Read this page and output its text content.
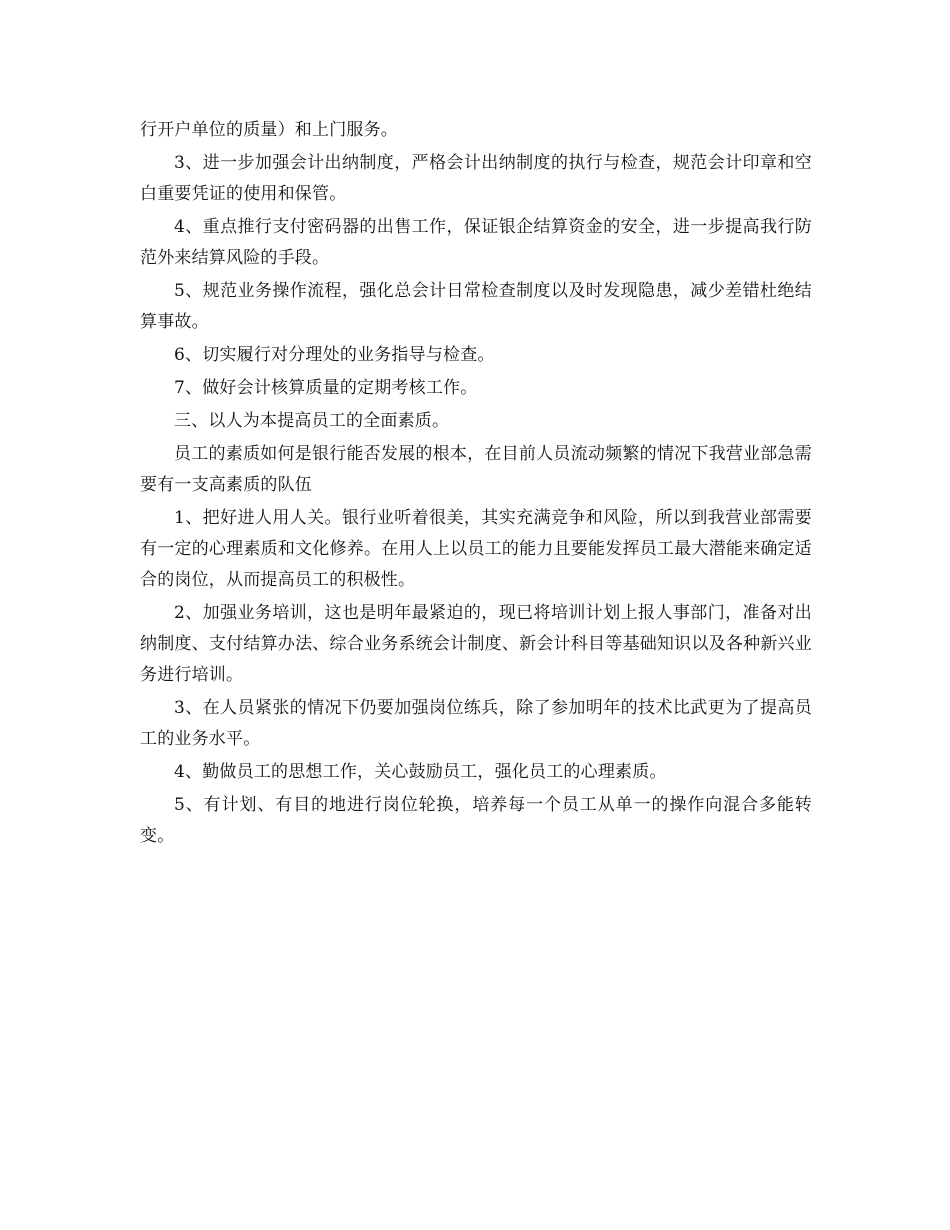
行开户单位的质量）和上门服务。

3、进一步加强会计出纳制度，严格会计出纳制度的执行与检查，规范会计印章和空白重要凭证的使用和保管。

4、重点推行支付密码器的出售工作，保证银企结算资金的安全，进一步提高我行防范外来结算风险的手段。

5、规范业务操作流程，强化总会计日常检查制度以及时发现隐患，减少差错杜绝结算事故。

6、切实履行对分理处的业务指导与检查。

7、做好会计核算质量的定期考核工作。

三、以人为本提高员工的全面素质。

员工的素质如何是银行能否发展的根本，在目前人员流动频繁的情况下我营业部急需要有一支高素质的队伍

1、把好进人用人关。银行业听着很美，其实充满竞争和风险，所以到我营业部需要有一定的心理素质和文化修养。在用人上以员工的能力且要能发挥员工最大潜能来确定适合的岗位，从而提高员工的积极性。

2、加强业务培训，这也是明年最紧迫的，现已将培训计划上报人事部门，准备对出纳制度、支付结算办法、综合业务系统会计制度、新会计科目等基础知识以及各种新兴业务进行培训。

3、在人员紧张的情况下仍要加强岗位练兵，除了参加明年的技术比武更为了提高员工的业务水平。

4、勤做员工的思想工作，关心鼓励员工，强化员工的心理素质。

5、有计划、有目的地进行岗位轮换，培养每一个员工从单一的操作向混合多能转变。
